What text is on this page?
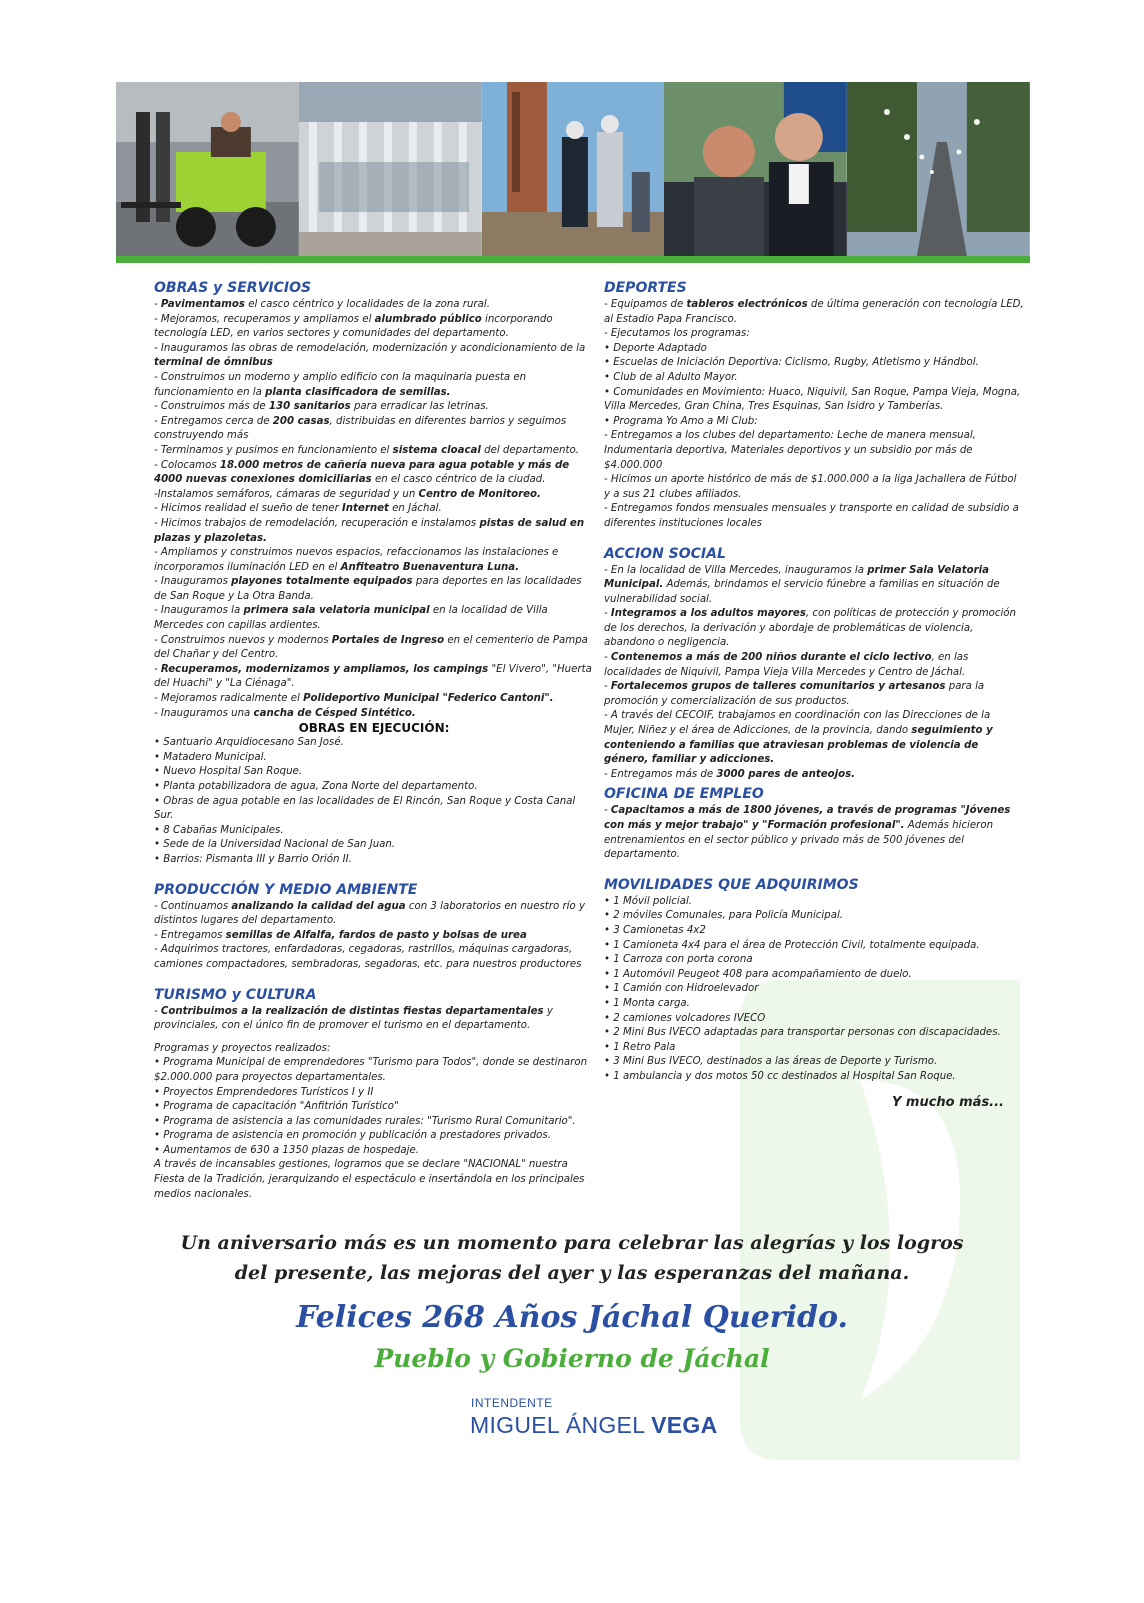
OBRAS y SERVICIOS
- Pavimentamos el casco céntrico y localidades de la zona rural.
- Mejoramos, recuperamos y ampliamos el alumbrado público incorporando tecnología LED, en varios sectores y comunidades del departamento.
- Inauguramos las obras de remodelación, modernización y acondicionamiento de la terminal de ómnibus
- Construimos un moderno y amplio edificio con la maquinaria puesta en funcionamiento en la planta clasificadora de semillas.
- Construimos más de 130 sanitarios para erradicar las letrinas.
- Entregamos cerca de 200 casas, distribuidas en diferentes barrios y seguimos construyendo más
- Terminamos y pusimos en funcionamiento el sistema cloacal del departamento.
- Colocamos 18.000 metros de cañería nueva para agua potable y más de 4000 nuevas conexiones domiciliarias en el casco céntrico de la ciudad.
-Instalamos semáforos, cámaras de seguridad y un Centro de Monitoreo.
- Hicimos realidad el sueño de tener Internet en Jáchal.
- Hicimos trabajos de remodelación, recuperación e instalamos pistas de salud en plazas y plazoletas.
- Ampliamos y construimos nuevos espacios, refaccionamos las instalaciones e incorporamos iluminación LED en el Anfiteatro Buenaventura Luna.
- Inauguramos playones totalmente equipados para deportes en las localidades de San Roque y La Otra Banda.
- Inauguramos la primera sala velatoria municipal en la localidad de Villa Mercedes con capillas ardientes.
- Construimos nuevos y modernos Portales de Ingreso en el cementerio de Pampa del Chañar y del Centro.
- Recuperamos, modernizamos y ampliamos, los campings "El Vivero", "Huerta del Huachi" y "La Ciénaga".
- Mejoramos radicalmente el Polideportivo Municipal "Federico Cantoni".
- Inauguramos una cancha de Césped Sintético.
OBRAS EN EJECUCIÓN:
• Santuario Arquidiocesano San José.
• Matadero Municipal.
• Nuevo Hospital San Roque.
• Planta potabilizadora de agua, Zona Norte del departamento.
• Obras de agua potable en las localidades de El Rincón, San Roque y Costa Canal Sur.
• 8 Cabañas Municipales.
• Sede de la Universidad Nacional de San Juan.
• Barrios: Pismanta III y Barrio Orión II.
PRODUCCIÓN Y MEDIO AMBIENTE
- Continuamos analizando la calidad del agua con 3 laboratorios en nuestro río y distintos lugares del departamento.
- Entregamos semillas de Alfalfa, fardos de pasto y bolsas de urea
- Adquirimos tractores, enfardadoras, cegadoras, rastrillos, máquinas cargadoras, camiones compactadores, sembradoras, segadoras, etc. para nuestros productores
TURISMO y CULTURA
- Contribuimos a la realización de distintas fiestas departamentales y provinciales, con el único fin de promover el turismo en el departamento.
Programas y proyectos realizados:
• Programa Municipal de emprendedores "Turismo para Todos", donde se destinaron $2.000.000 para proyectos departamentales.
• Proyectos Emprendedores Turísticos I y II
• Programa de capacitación "Anfitrión Turístico"
• Programa de asistencia a las comunidades rurales: "Turismo Rural Comunitario".
• Programa de asistencia en promoción y publicación a prestadores privados.
• Aumentamos de 630 a 1350 plazas de hospedaje.
A través de incansables gestiones, logramos que se declare "NACIONAL" nuestra Fiesta de la Tradición, jerarquizando el espectáculo e insertándola en los principales medios nacionales.
DEPORTES
- Equipamos de tableros electrónicos de última generación con tecnología LED, al Estadio Papa Francisco.
- Ejecutamos los programas:
• Deporte Adaptado
• Escuelas de Iniciación Deportiva: Ciclismo, Rugby, Atletismo y Hándbol.
• Club de al Adulto Mayor.
• Comunidades en Movimiento: Huaco, Niquivil, San Roque, Pampa Vieja, Mogna, Villa Mercedes, Gran China, Tres Esquinas, San Isidro y Tamberías.
• Programa Yo Amo a Mi Club:
- Entregamos a los clubes del departamento: Leche de manera mensual, Indumentaria deportiva, Materiales deportivos y un subsidio por más de $4.000.000
- Hicimos un aporte histórico de más de $1.000.000 a la liga Jachallera de Fútbol y a sus 21 clubes afiliados.
- Entregamos fondos mensuales mensuales y transporte en calidad de subsidio a diferentes instituciones locales
ACCION SOCIAL
- En la localidad de Villa Mercedes, inauguramos la primer Sala Velatoria Municipal. Además, brindamos el servicio fúnebre a familias en situación de vulnerabilidad social.
- Integramos a los adultos mayores, con políticas de protección y promoción de los derechos, la derivación y abordaje de problemáticas de violencia, abandono o negligencia.
- Contenemos a más de 200 niños durante el ciclo lectivo, en las localidades de Niquivil, Pampa Vieja Villa Mercedes y Centro de Jáchal.
- Fortalecemos grupos de talleres comunitarios y artesanos para la promoción y comercialización de sus productos.
- A través del CECOIF, trabajamos en coordinación con las Direcciones de la Mujer, Niñez y el área de Adicciones, de la provincia, dando seguimiento y conteniendo a familias que atraviesan problemas de violencia de género, familiar y adicciones.
- Entregamos más de 3000 pares de anteojos.
OFICINA DE EMPLEO
- Capacitamos a más de 1800 jóvenes, a través de programas "Jóvenes con más y mejor trabajo" y "Formación profesional". Además hicieron entrenamientos en el sector público y privado más de 500 jóvenes del departamento.
MOVILIDADES QUE ADQUIRIMOS
• 1 Móvil policial.
• 2 móviles Comunales, para Policía Municipal.
• 3 Camionetas 4x2
• 1 Camioneta 4x4 para el área de Protección Civil, totalmente equipada.
• 1 Carroza con porta corona
• 1 Automóvil Peugeot 408 para acompañamiento de duelo.
• 1 Camión con Hidroelevador
• 1 Monta carga.
• 2 camiones volcadores IVECO
• 2 Mini Bus IVECO adaptadas para transportar personas con discapacidades.
• 1 Retro Pala
• 3 Mini Bus IVECO, destinados a las áreas de Deporte y Turismo.
• 1 ambulancia y dos motos 50 cc destinados al Hospital San Roque.
Y mucho más...
Un aniversario más es un momento para celebrar las alegrías y los logros
del presente, las mejoras del ayer y las esperanzas del mañana.
Felices 268 Años Jáchal Querido.
Pueblo y Gobierno de Jáchal
INTENDENTE
MIGUEL ÁNGEL VEGA
